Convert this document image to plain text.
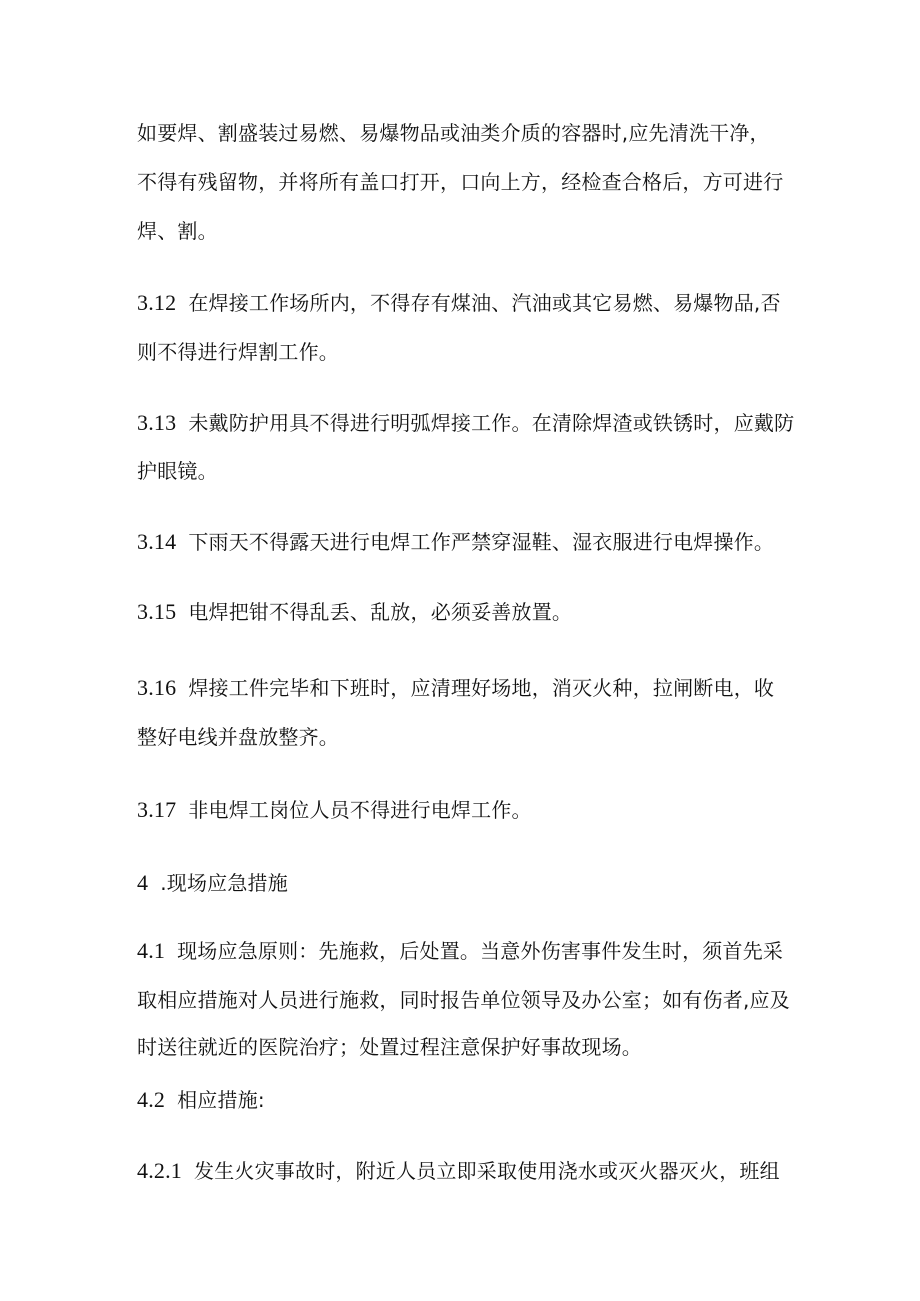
如要焊、割盛装过易燃、易爆物品或油类介质的容器时,应先清洗干净，
不得有残留物，并将所有盖口打开，口向上方，经检查合格后，方可进行
焊、割。
3.12 在焊接工作场所内，不得存有煤油、汽油或其它易燃、易爆物品,否
则不得进行焊割工作。
3.13 未戴防护用具不得进行明弧焊接工作。在清除焊渣或铁锈时，应戴防
护眼镜。
3.14 下雨天不得露天进行电焊工作严禁穿湿鞋、湿衣服进行电焊操作。
3.15 电焊把钳不得乱丢、乱放，必须妥善放置。
3.16 焊接工件完毕和下班时，应清理好场地，消灭火种，拉闸断电，收
整好电线并盘放整齐。
3.17 非电焊工岗位人员不得进行电焊工作。
4 .现场应急措施
4.1 现场应急原则：先施救，后处置。当意外伤害事件发生时，须首先采
取相应措施对人员进行施救，同时报告单位领导及办公室；如有伤者,应及
时送往就近的医院治疗；处置过程注意保护好事故现场。
4.2 相应措施:
4.2.1 发生火灾事故时，附近人员立即采取使用浇水或灭火器灭火，班组
